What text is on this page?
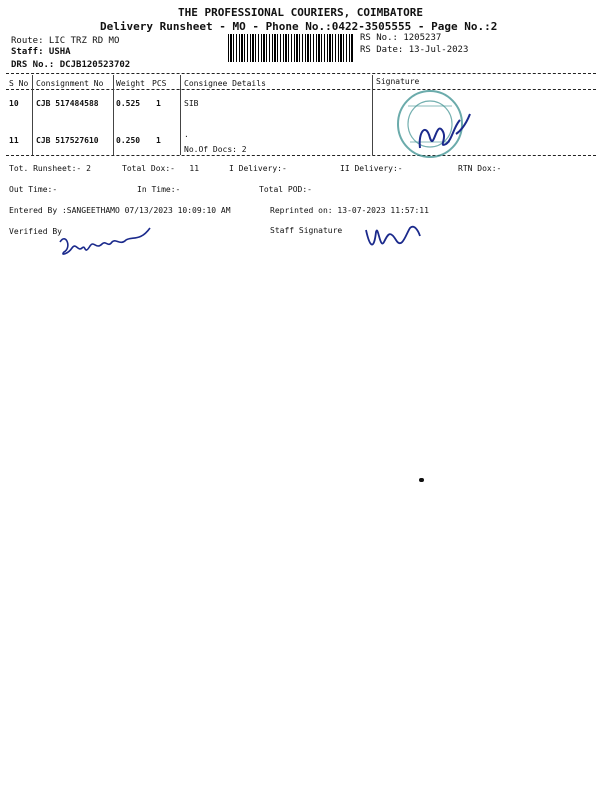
THE PROFESSIONAL COURIERS, COIMBATORE
Delivery Runsheet - MO - Phone No.:0422-3505555 - Page No.:2
Route: LIC TRZ RD MO
Staff: USHA
DRS No.: DCJB120523702
RS No.: 1205237
RS Date: 13-Jul-2023
S No Consignment No Weight PCS Consignee Details	Signature
10 CJB 517484588 0.525 1	SIB
11 CJB 517527610 0.250 1
.
No.Of Docs: 2
Tot. Runsheet:- 2	Total Dox:-   11	I Delivery:-	II Delivery:-	RTN Dox:-
Out Time:-	In Time:-	Total POD:-
Entered By :SANGEETHAMO 07/13/2023 10:09:10 AM	Reprinted on: 13-07-2023 11:57:11
Verified By	Staff Signature
